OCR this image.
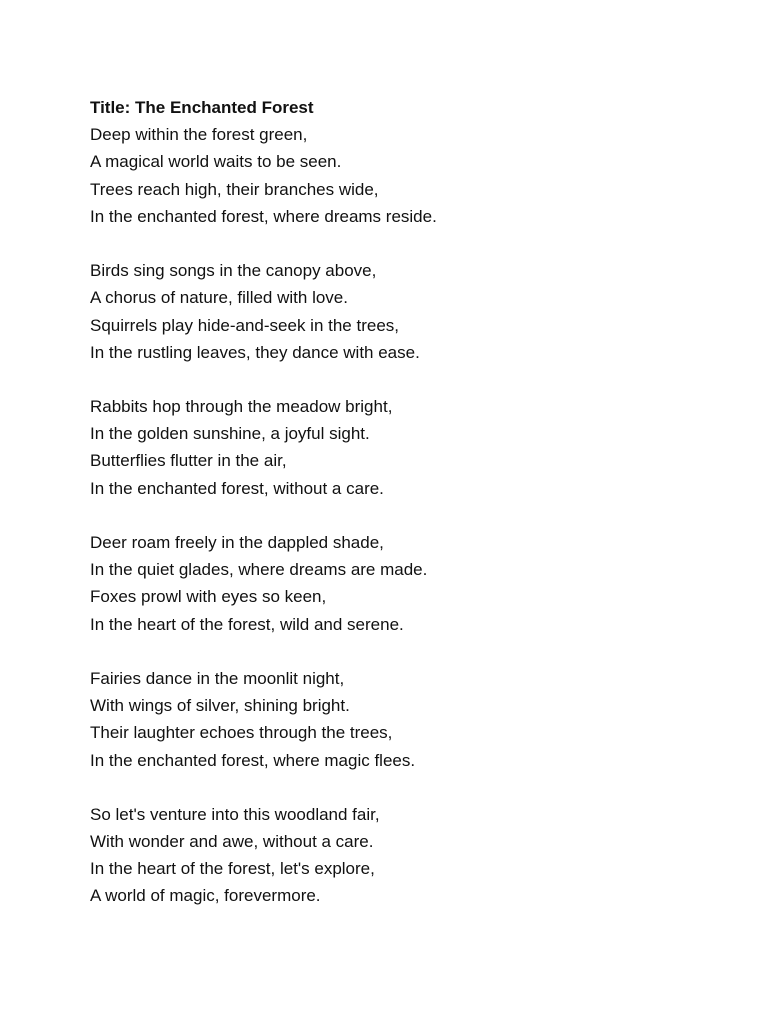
Title: The Enchanted Forest
Deep within the forest green,
A magical world waits to be seen.
Trees reach high, their branches wide,
In the enchanted forest, where dreams reside.
Birds sing songs in the canopy above,
A chorus of nature, filled with love.
Squirrels play hide-and-seek in the trees,
In the rustling leaves, they dance with ease.
Rabbits hop through the meadow bright,
In the golden sunshine, a joyful sight.
Butterflies flutter in the air,
In the enchanted forest, without a care.
Deer roam freely in the dappled shade,
In the quiet glades, where dreams are made.
Foxes prowl with eyes so keen,
In the heart of the forest, wild and serene.
Fairies dance in the moonlit night,
With wings of silver, shining bright.
Their laughter echoes through the trees,
In the enchanted forest, where magic flees.
So let's venture into this woodland fair,
With wonder and awe, without a care.
In the heart of the forest, let's explore,
A world of magic, forevermore.
